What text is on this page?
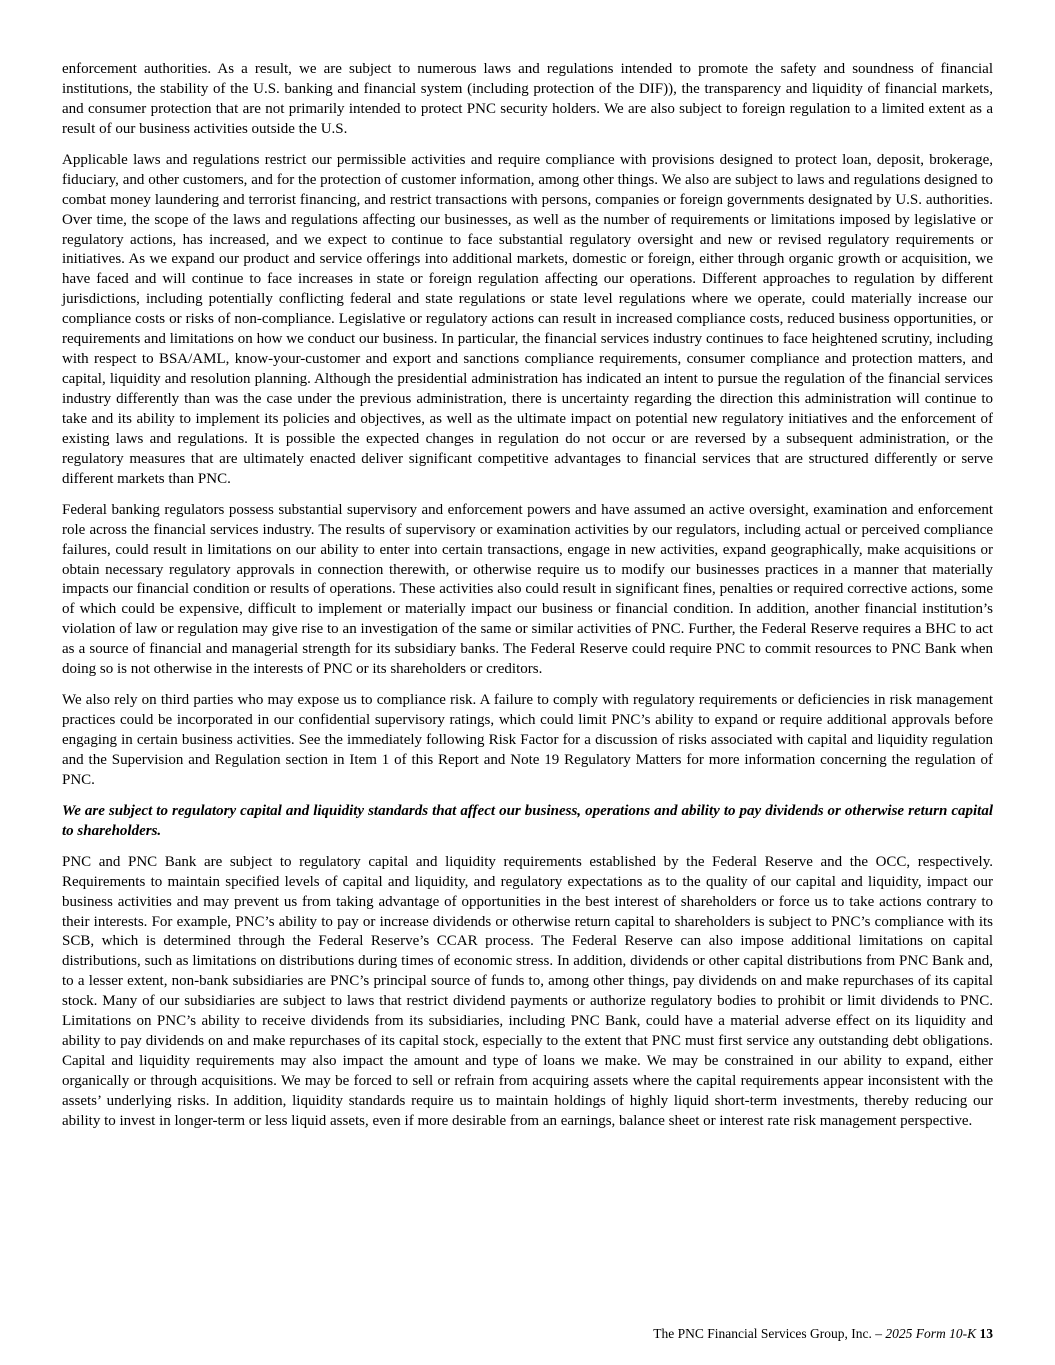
enforcement authorities. As a result, we are subject to numerous laws and regulations intended to promote the safety and soundness of financial institutions, the stability of the U.S. banking and financial system (including protection of the DIF)), the transparency and liquidity of financial markets, and consumer protection that are not primarily intended to protect PNC security holders. We are also subject to foreign regulation to a limited extent as a result of our business activities outside the U.S.

Applicable laws and regulations restrict our permissible activities and require compliance with provisions designed to protect loan, deposit, brokerage, fiduciary, and other customers, and for the protection of customer information, among other things. We also are subject to laws and regulations designed to combat money laundering and terrorist financing, and restrict transactions with persons, companies or foreign governments designated by U.S. authorities. Over time, the scope of the laws and regulations affecting our businesses, as well as the number of requirements or limitations imposed by legislative or regulatory actions, has increased, and we expect to continue to face substantial regulatory oversight and new or revised regulatory requirements or initiatives. As we expand our product and service offerings into additional markets, domestic or foreign, either through organic growth or acquisition, we have faced and will continue to face increases in state or foreign regulation affecting our operations. Different approaches to regulation by different jurisdictions, including potentially conflicting federal and state regulations or state level regulations where we operate, could materially increase our compliance costs or risks of non-compliance. Legislative or regulatory actions can result in increased compliance costs, reduced business opportunities, or requirements and limitations on how we conduct our business. In particular, the financial services industry continues to face heightened scrutiny, including with respect to BSA/AML, know-your-customer and export and sanctions compliance requirements, consumer compliance and protection matters, and capital, liquidity and resolution planning. Although the presidential administration has indicated an intent to pursue the regulation of the financial services industry differently than was the case under the previous administration, there is uncertainty regarding the direction this administration will continue to take and its ability to implement its policies and objectives, as well as the ultimate impact on potential new regulatory initiatives and the enforcement of existing laws and regulations. It is possible the expected changes in regulation do not occur or are reversed by a subsequent administration, or the regulatory measures that are ultimately enacted deliver significant competitive advantages to financial services that are structured differently or serve different markets than PNC.

Federal banking regulators possess substantial supervisory and enforcement powers and have assumed an active oversight, examination and enforcement role across the financial services industry. The results of supervisory or examination activities by our regulators, including actual or perceived compliance failures, could result in limitations on our ability to enter into certain transactions, engage in new activities, expand geographically, make acquisitions or obtain necessary regulatory approvals in connection therewith, or otherwise require us to modify our businesses practices in a manner that materially impacts our financial condition or results of operations. These activities also could result in significant fines, penalties or required corrective actions, some of which could be expensive, difficult to implement or materially impact our business or financial condition. In addition, another financial institution’s violation of law or regulation may give rise to an investigation of the same or similar activities of PNC. Further, the Federal Reserve requires a BHC to act as a source of financial and managerial strength for its subsidiary banks. The Federal Reserve could require PNC to commit resources to PNC Bank when doing so is not otherwise in the interests of PNC or its shareholders or creditors.

We also rely on third parties who may expose us to compliance risk. A failure to comply with regulatory requirements or deficiencies in risk management practices could be incorporated in our confidential supervisory ratings, which could limit PNC’s ability to expand or require additional approvals before engaging in certain business activities. See the immediately following Risk Factor for a discussion of risks associated with capital and liquidity regulation and the Supervision and Regulation section in Item 1 of this Report and Note 19 Regulatory Matters for more information concerning the regulation of PNC.

We are subject to regulatory capital and liquidity standards that affect our business, operations and ability to pay dividends or otherwise return capital to shareholders.

PNC and PNC Bank are subject to regulatory capital and liquidity requirements established by the Federal Reserve and the OCC, respectively. Requirements to maintain specified levels of capital and liquidity, and regulatory expectations as to the quality of our capital and liquidity, impact our business activities and may prevent us from taking advantage of opportunities in the best interest of shareholders or force us to take actions contrary to their interests. For example, PNC’s ability to pay or increase dividends or otherwise return capital to shareholders is subject to PNC’s compliance with its SCB, which is determined through the Federal Reserve’s CCAR process. The Federal Reserve can also impose additional limitations on capital distributions, such as limitations on distributions during times of economic stress. In addition, dividends or other capital distributions from PNC Bank and, to a lesser extent, non-bank subsidiaries are PNC’s principal source of funds to, among other things, pay dividends on and make repurchases of its capital stock. Many of our subsidiaries are subject to laws that restrict dividend payments or authorize regulatory bodies to prohibit or limit dividends to PNC. Limitations on PNC’s ability to receive dividends from its subsidiaries, including PNC Bank, could have a material adverse effect on its liquidity and ability to pay dividends on and make repurchases of its capital stock, especially to the extent that PNC must first service any outstanding debt obligations. Capital and liquidity requirements may also impact the amount and type of loans we make. We may be constrained in our ability to expand, either organically or through acquisitions. We may be forced to sell or refrain from acquiring assets where the capital requirements appear inconsistent with the assets’ underlying risks. In addition, liquidity standards require us to maintain holdings of highly liquid short-term investments, thereby reducing our ability to invest in longer-term or less liquid assets, even if more desirable from an earnings, balance sheet or interest rate risk management perspective.

The PNC Financial Services Group, Inc. – 2025 Form 10-K 13
